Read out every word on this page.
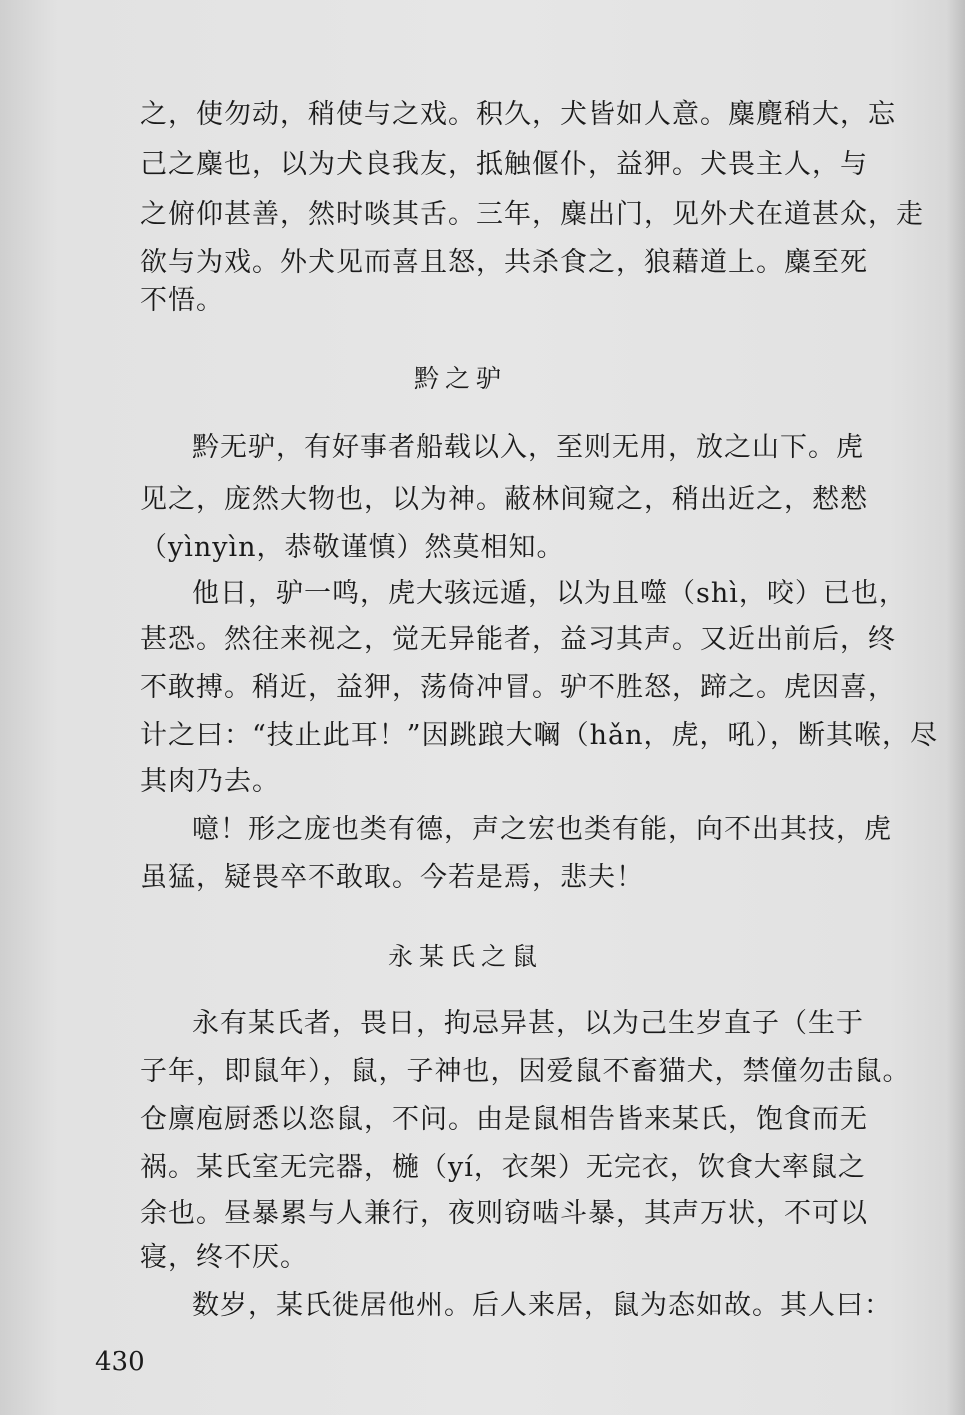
之，使勿动，稍使与之戏。积久，犬皆如人意。麋麑稍大，忘
己之麋也，以为犬良我友，抵触偃仆，益狎。犬畏主人，与
之俯仰甚善，然时啖其舌。三年，麋出门，见外犬在道甚众，走
欲与为戏。外犬见而喜且怒，共杀食之，狼藉道上。麋至死
不悟。
黔之驴
黔无驴，有好事者船载以入，至则无用，放之山下。虎
见之，庞然大物也，以为神。蔽林间窥之，稍出近之，慭慭
（yìnyìn，恭敬谨慎）然莫相知。
他日，驴一鸣，虎大骇远遁，以为且噬（shì，咬）已也，
甚恐。然往来视之，觉无异能者，益习其声。又近出前后，终
不敢搏。稍近，益狎，荡倚冲冒。驴不胜怒，蹄之。虎因喜，
计之曰：“技止此耳！”因跳踉大㘎（hǎn，虎，吼），断其喉，尽
其肉乃去。
噫！形之庞也类有德，声之宏也类有能，向不出其技，虎
虽猛，疑畏卒不敢取。今若是焉，悲夫！
永某氏之鼠
永有某氏者，畏日，拘忌异甚，以为己生岁直子（生于
子年，即鼠年），鼠，子神也，因爱鼠不畜猫犬，禁僮勿击鼠。
仓廪庖厨悉以恣鼠，不问。由是鼠相告皆来某氏，饱食而无
祸。某氏室无完器，椸（yí，衣架）无完衣，饮食大率鼠之
余也。昼暴累与人兼行，夜则窃啮斗暴，其声万状，不可以
寝，终不厌。
数岁，某氏徙居他州。后人来居，鼠为态如故。其人曰：
430
